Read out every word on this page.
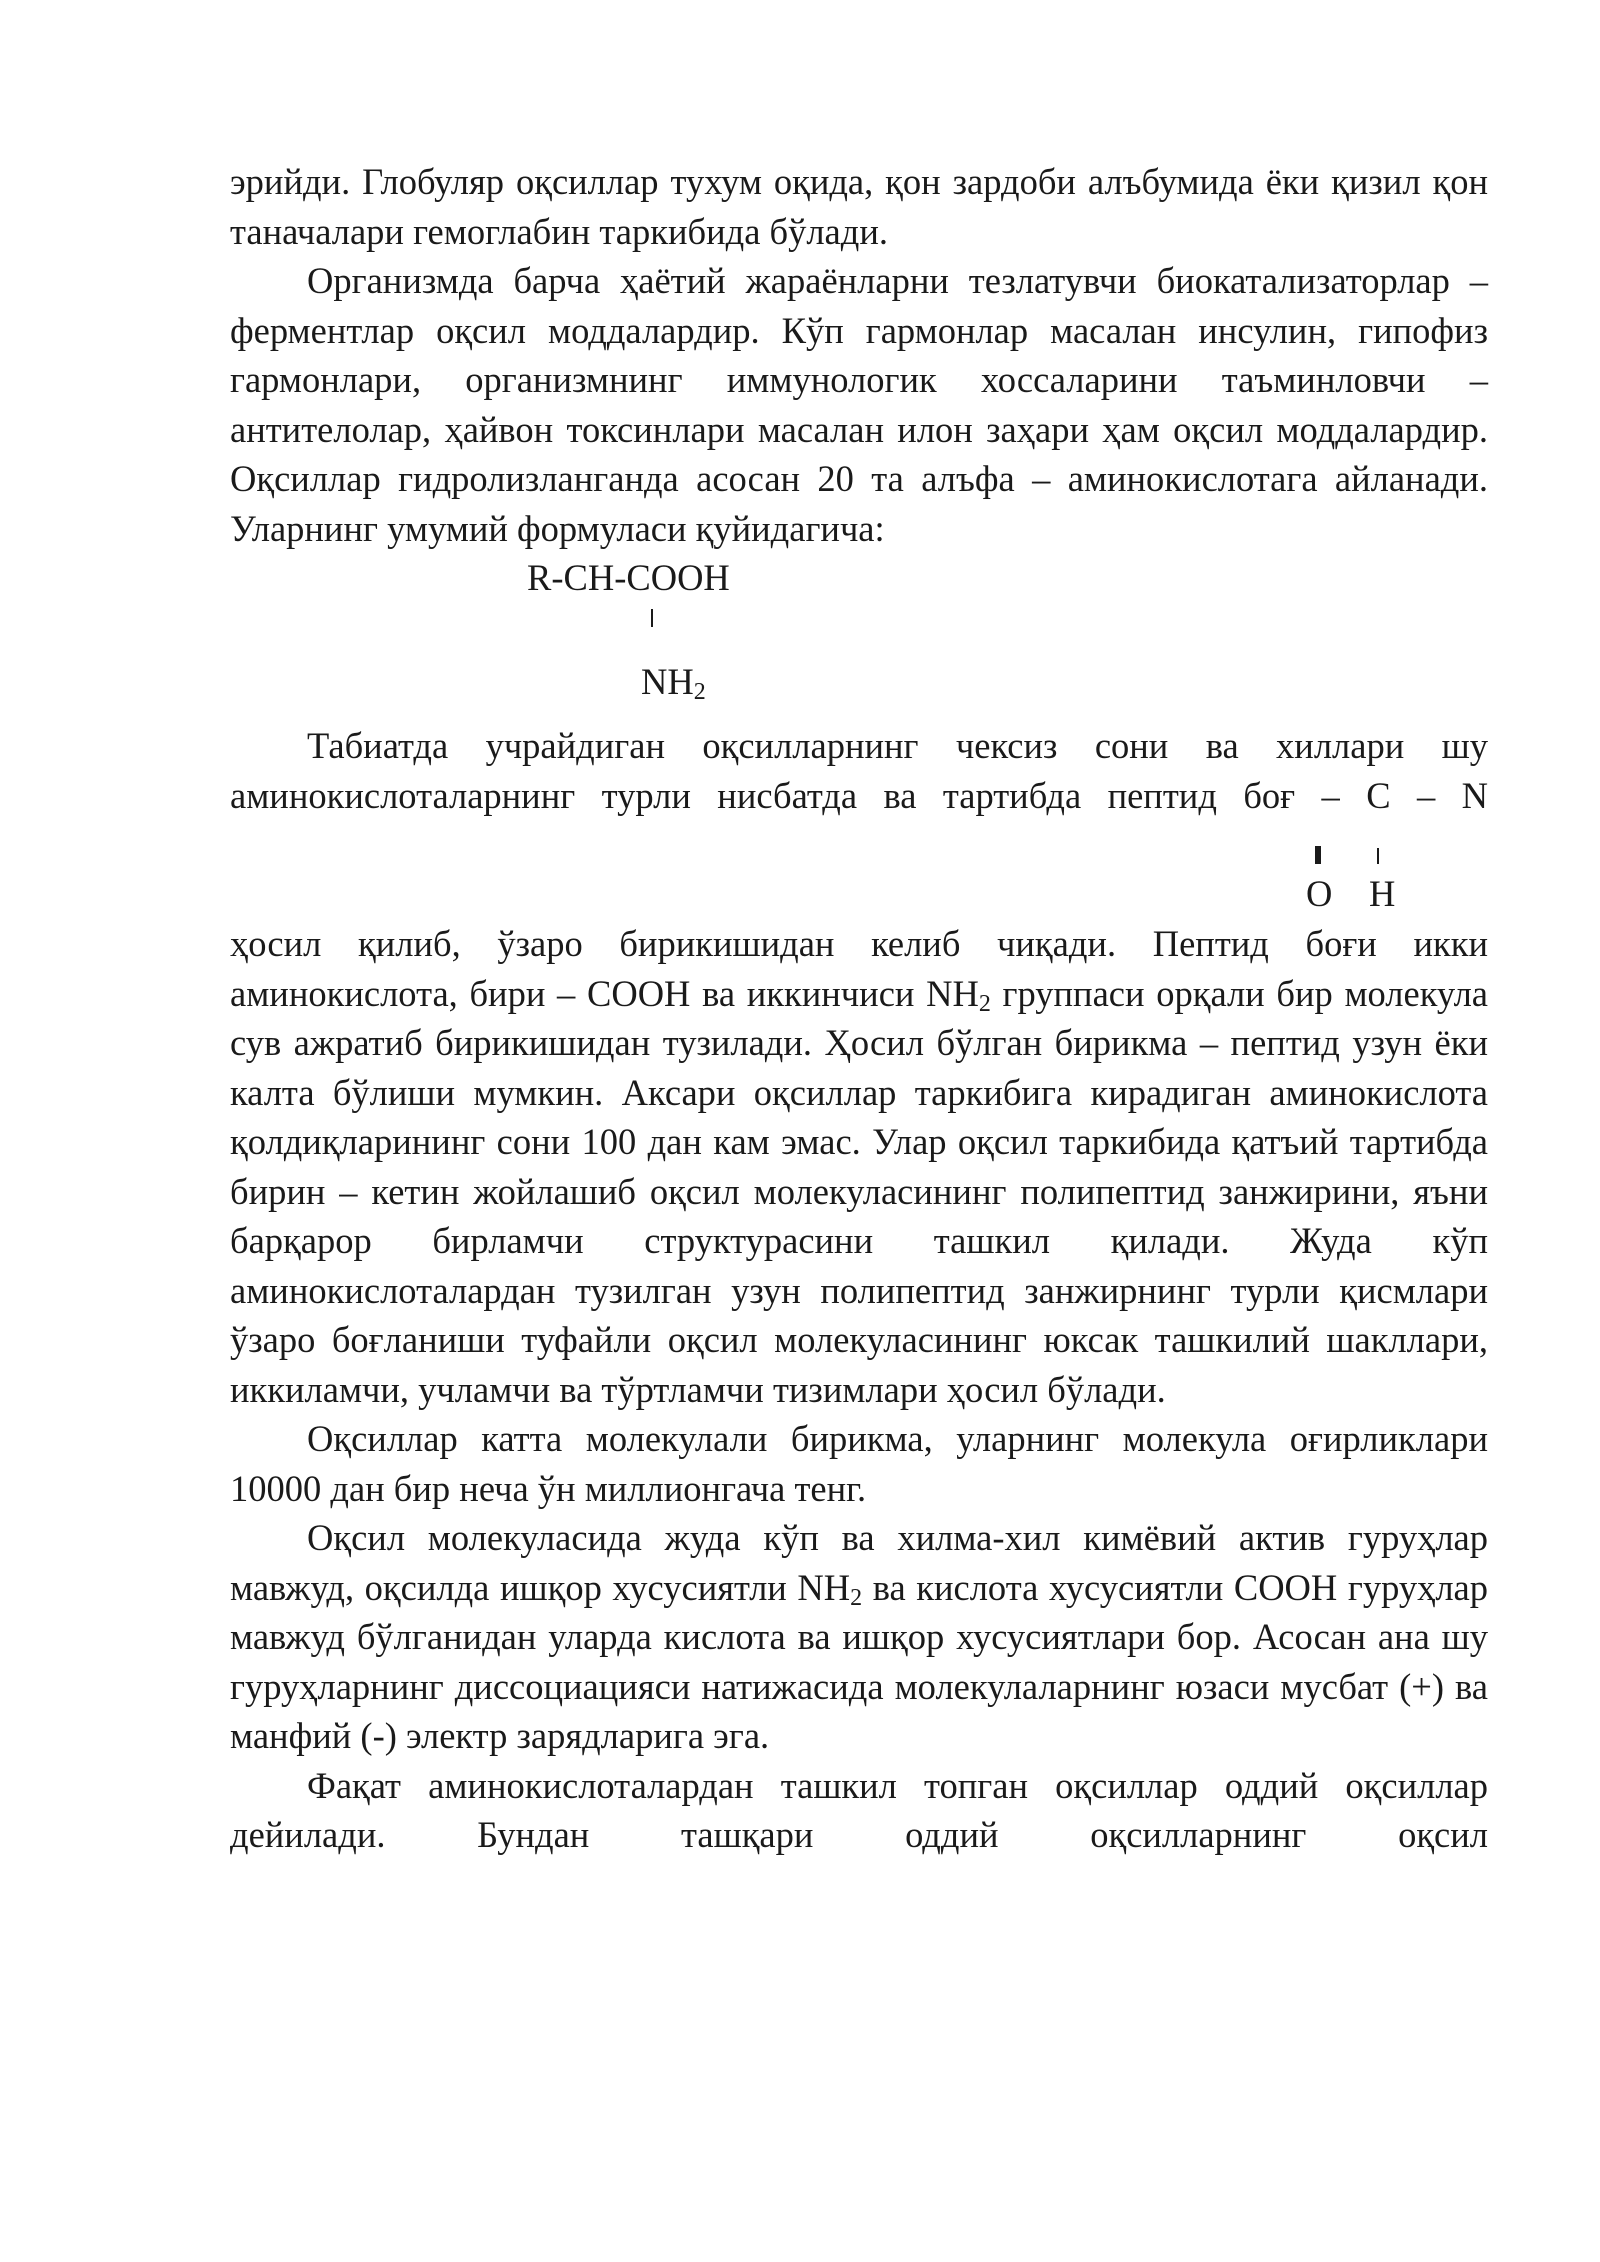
эрийди. Глобуляр оқсиллар тухум оқида, қон зардоби алъбумида ёки қизил қон таначалари гемоглабин таркибида бўлади.

Организмда барча ҳаётий жараёнларни тезлатувчи биокатализаторлар – ферментлар оқсил моддалардир. Кўп гармонлар масалан инсулин, гипофиз гармонлари, организмнинг иммунологик хоссаларини таъминловчи – антителолар, ҳайвон токсинлари масалан илон заҳари ҳам оқсил моддалардир. Оқсиллар гидролизланганда асосан 20 та алъфа – аминокислотага айланади. Уларнинг умумий формуласи қуйидагича:

R-CH-COOH
$NH_2$

Табиатда учрайдиган оқсилларнинг чексиз сони ва хиллари шу аминокислоталарнинг турли нисбатда ва тартибда пептид боғ – C – N

O H

ҳосил қилиб, ўзаро бирикишидан келиб чиқади. Пептид боғи икки аминокислота, бири – COOH ва иккинчиси $NH_2$ группаси орқали бир молекула сув ажратиб бирикишидан тузилади. Ҳосил бўлган бирикма – пептид узун ёки калта бўлиши мумкин. Аксари оқсиллар таркибига кирадиган аминокислота қолдиқларининг сони 100 дан кам эмас. Улар оқсил таркибида қатъий тартибда бирин – кетин жойлашиб оқсил молекуласининг полипептид занжирини, яъни барқарор бирламчи структурасини ташкил қилади. Жуда кўп аминокислоталардан тузилган узун полипептид занжирнинг турли қисмлари ўзаро боғланиши туфайли оқсил молекуласининг юксак ташкилий шакллари, иккиламчи, учламчи ва тўртламчи тизимлари ҳосил бўлади.

Оқсиллар катта молекулали бирикма, уларнинг молекула оғирликлари 10000 дан бир неча ўн миллионгача тенг.

Оқсил молекуласида жуда кўп ва хилма-хил кимёвий актив гуруҳлар мавжуд, оқсилда ишқор хусусиятли $NH_2$ ва кислота хусусиятли COOH гуруҳлар мавжуд бўлганидан уларда кислота ва ишқор хусусиятлари бор. Асосан ана шу гуруҳларнинг диссоциацияси натижасида молекулаларнинг юзаси мусбат (+) ва манфий (-) электр зарядларига эга.

Фақат аминокислоталардан ташкил топган оқсиллар оддий оқсиллар дейилади. Бундан ташқари оддий оқсилларнинг оқсил
